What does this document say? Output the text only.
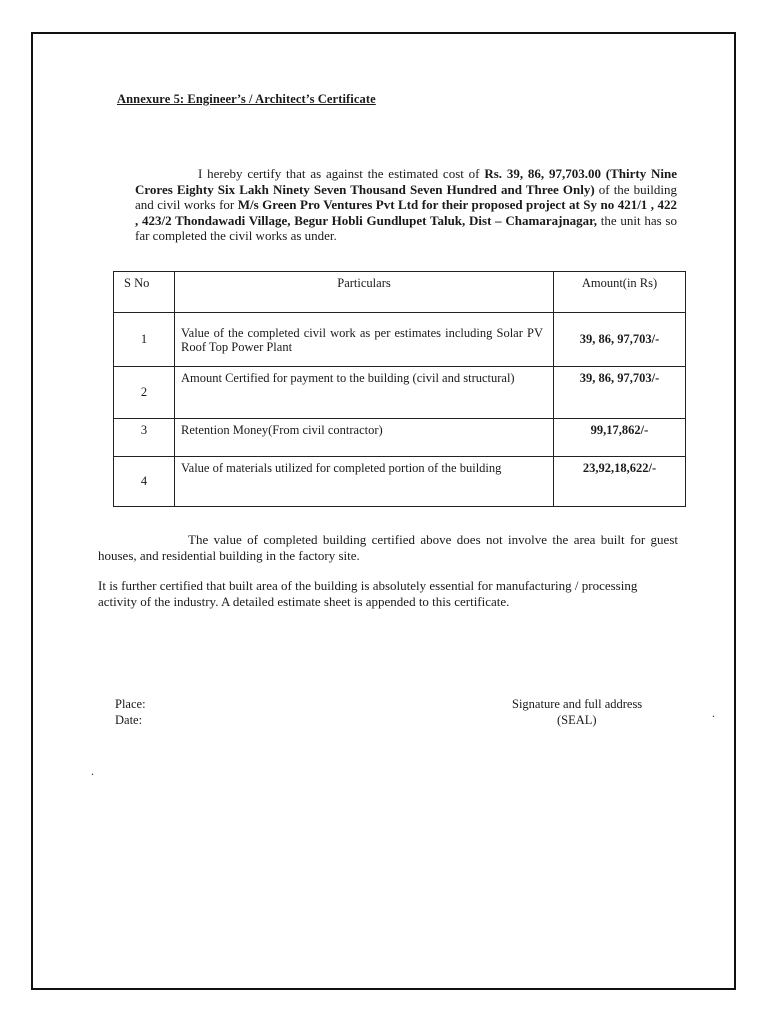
Annexure 5: Engineer’s / Architect’s Certificate
I hereby certify that as against the estimated cost of Rs. 39, 86, 97,703.00 (Thirty Nine Crores Eighty Six Lakh Ninety Seven Thousand Seven Hundred and Three Only) of the building and civil works for M/s Green Pro Ventures Pvt Ltd for their proposed project at Sy no 421/1 , 422 , 423/2 Thondawadi Village, Begur Hobli Gundlupet Taluk, Dist – Chamarajnagar, the unit has so far completed the civil works as under.
S No	Particulars	Amount(in Rs)
1	Value of the completed civil work as per estimates including Solar PV Roof Top Power Plant	39, 86, 97,703/-
2	Amount Certified for payment to the building (civil and structural)	39, 86, 97,703/-
3	Retention Money(From civil contractor)	99,17,862/-
4	Value of materials utilized for completed portion of the building	23,92,18,622/-
The value of completed building certified above does not involve the area built for guest houses, and residential building in the factory site.
It is further certified that built area of the building is absolutely essential for manufacturing / processing activity of the industry. A detailed estimate sheet is appended to this certificate.
Place:
Date:
Signature and full address
(SEAL)	.
.
